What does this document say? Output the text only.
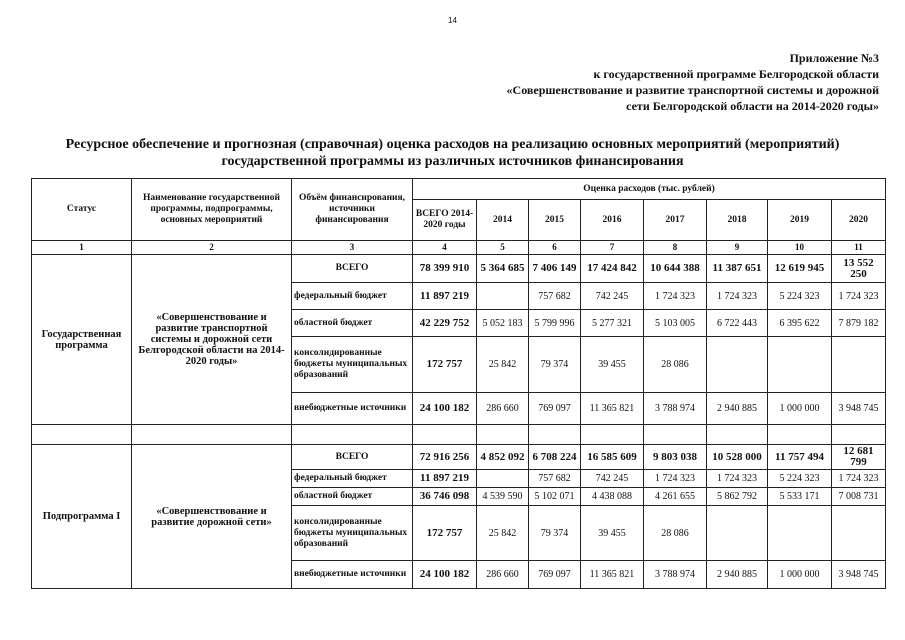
14
Приложение №3
к государственной программе Белгородской области
«Совершенствование и развитие транспортной системы и дорожной
сети Белгородской области на 2014-2020 годы»
Ресурсное обеспечение и прогнозная (справочная) оценка расходов на реализацию основных мероприятий (мероприятий)
государственной программы из различных источников финансирования
Статус	Наименование государственной программы, подпрограммы, основных мероприятий	Объём финансирования, источники финансирования	Оценка расходов (тыс. рублей)							
			ВСЕГО 2014-2020 годы	2014	2015	2016	2017	2018	2019	2020
1	2	3	4	5	6	7	8	9	10	11
Государственная программа	«Совершенствование и развитие транспортной системы и дорожной сети Белгородской области на 2014-2020 годы»	ВСЕГО	78 399 910	5 364 685	7 406 149	17 424 842	10 644 388	11 387 651	12 619 945	13 552 250
		федеральный бюджет	11 897 219		757 682	742 245	1 724 323	1 724 323	5 224 323	1 724 323
		областной бюджет	42 229 752	5 052 183	5 799 996	5 277 321	5 103 005	6 722 443	6 395 622	7 879 182
		консолидированные бюджеты муниципальных образований	172 757	25 842	79 374	39 455	28 086			
		внебюджетные источники	24 100 182	286 660	769 097	11 365 821	3 788 974	2 940 885	1 000 000	3 948 745

Подпрограмма I	«Совершенствование и развитие дорожной сети»	ВСЕГО	72 916 256	4 852 092	6 708 224	16 585 609	9 803 038	10 528 000	11 757 494	12 681 799
		федеральный бюджет	11 897 219		757 682	742 245	1 724 323	1 724 323	5 224 323	1 724 323
		областной бюджет	36 746 098	4 539 590	5 102 071	4 438 088	4 261 655	5 862 792	5 533 171	7 008 731
		консолидированные бюджеты муниципальных образований	172 757	25 842	79 374	39 455	28 086			
		внебюджетные источники	24 100 182	286 660	769 097	11 365 821	3 788 974	2 940 885	1 000 000	3 948 745
